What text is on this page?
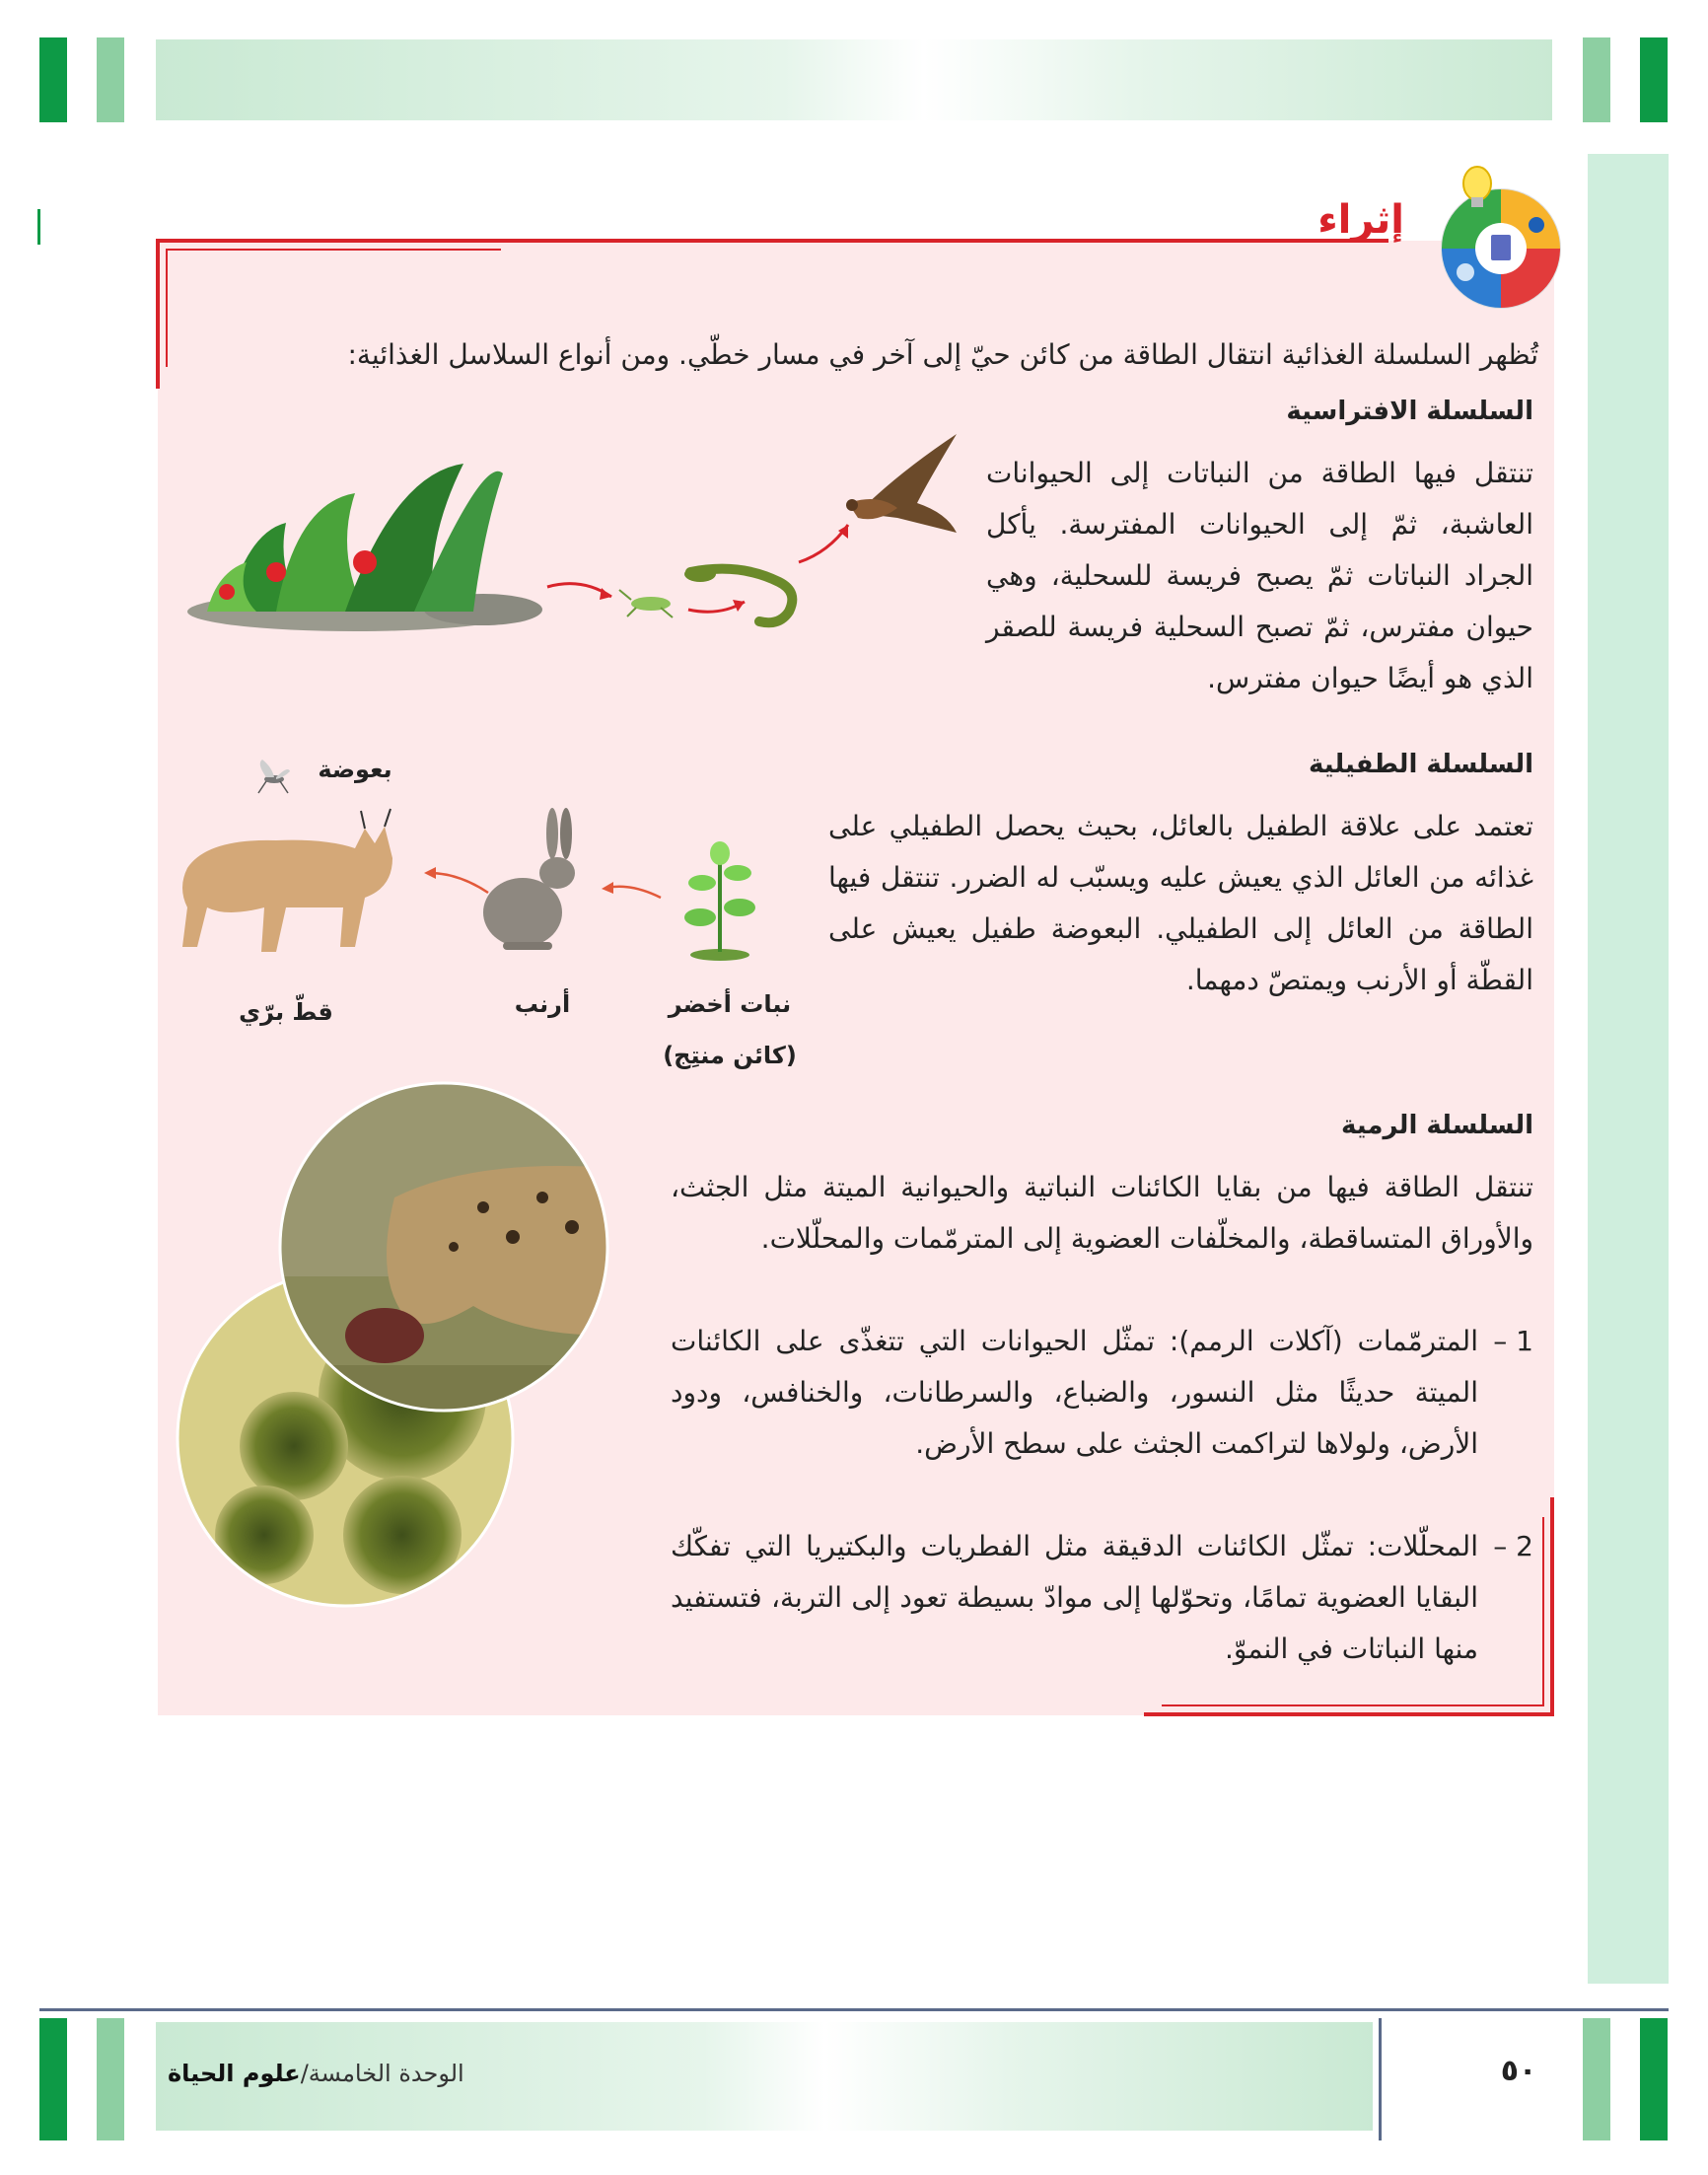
إثراء
تُظهر السلسلة الغذائية انتقال الطاقة من كائن حيّ إلى آخر في مسار خطّي. ومن أنواع السلاسل الغذائية:
السلسلة الافتراسية
تنتقل فيها الطاقة من النباتات إلى الحيوانات العاشبة، ثمّ إلى الحيوانات المفترسة. يأكل الجراد النباتات ثمّ يصبح فريسة للسحلية، وهي حيوان مفترس، ثمّ تصبح السحلية فريسة للصقر الذي هو أيضًا حيوان مفترس.
السلسلة الطفيلية
تعتمد على علاقة الطفيل بالعائل، بحيث يحصل الطفيلي على غذائه من العائل الذي يعيش عليه ويسبّب له الضرر. تنتقل فيها الطاقة من العائل إلى الطفيلي. البعوضة طفيل يعيش على القطّة أو الأرنب ويمتصّ دمهما.
بعوضة
قطّ برّي	أرنب	نبات أخضر
(كائن منتِج)
السلسلة الرمية
تنتقل الطاقة فيها من بقايا الكائنات النباتية والحيوانية الميتة مثل الجثث، والأوراق المتساقطة، والمخلّفات العضوية إلى المترمّمات والمحلّلات.
1 –
المترمّمات (آكلات الرمم): تمثّل الحيوانات التي تتغذّى على الكائنات الميتة حديثًا مثل النسور، والضباع، والسرطانات، والخنافس، ودود الأرض، ولولاها لتراكمت الجثث على سطح الأرض.
2 –
المحلّلات: تمثّل الكائنات الدقيقة مثل الفطريات والبكتيريا التي تفكّك البقايا العضوية تمامًا، وتحوّلها إلى موادّ بسيطة تعود إلى التربة، فتستفيد منها النباتات في النموّ.
الوحدة الخامسة/علوم الحياة	٥٠
